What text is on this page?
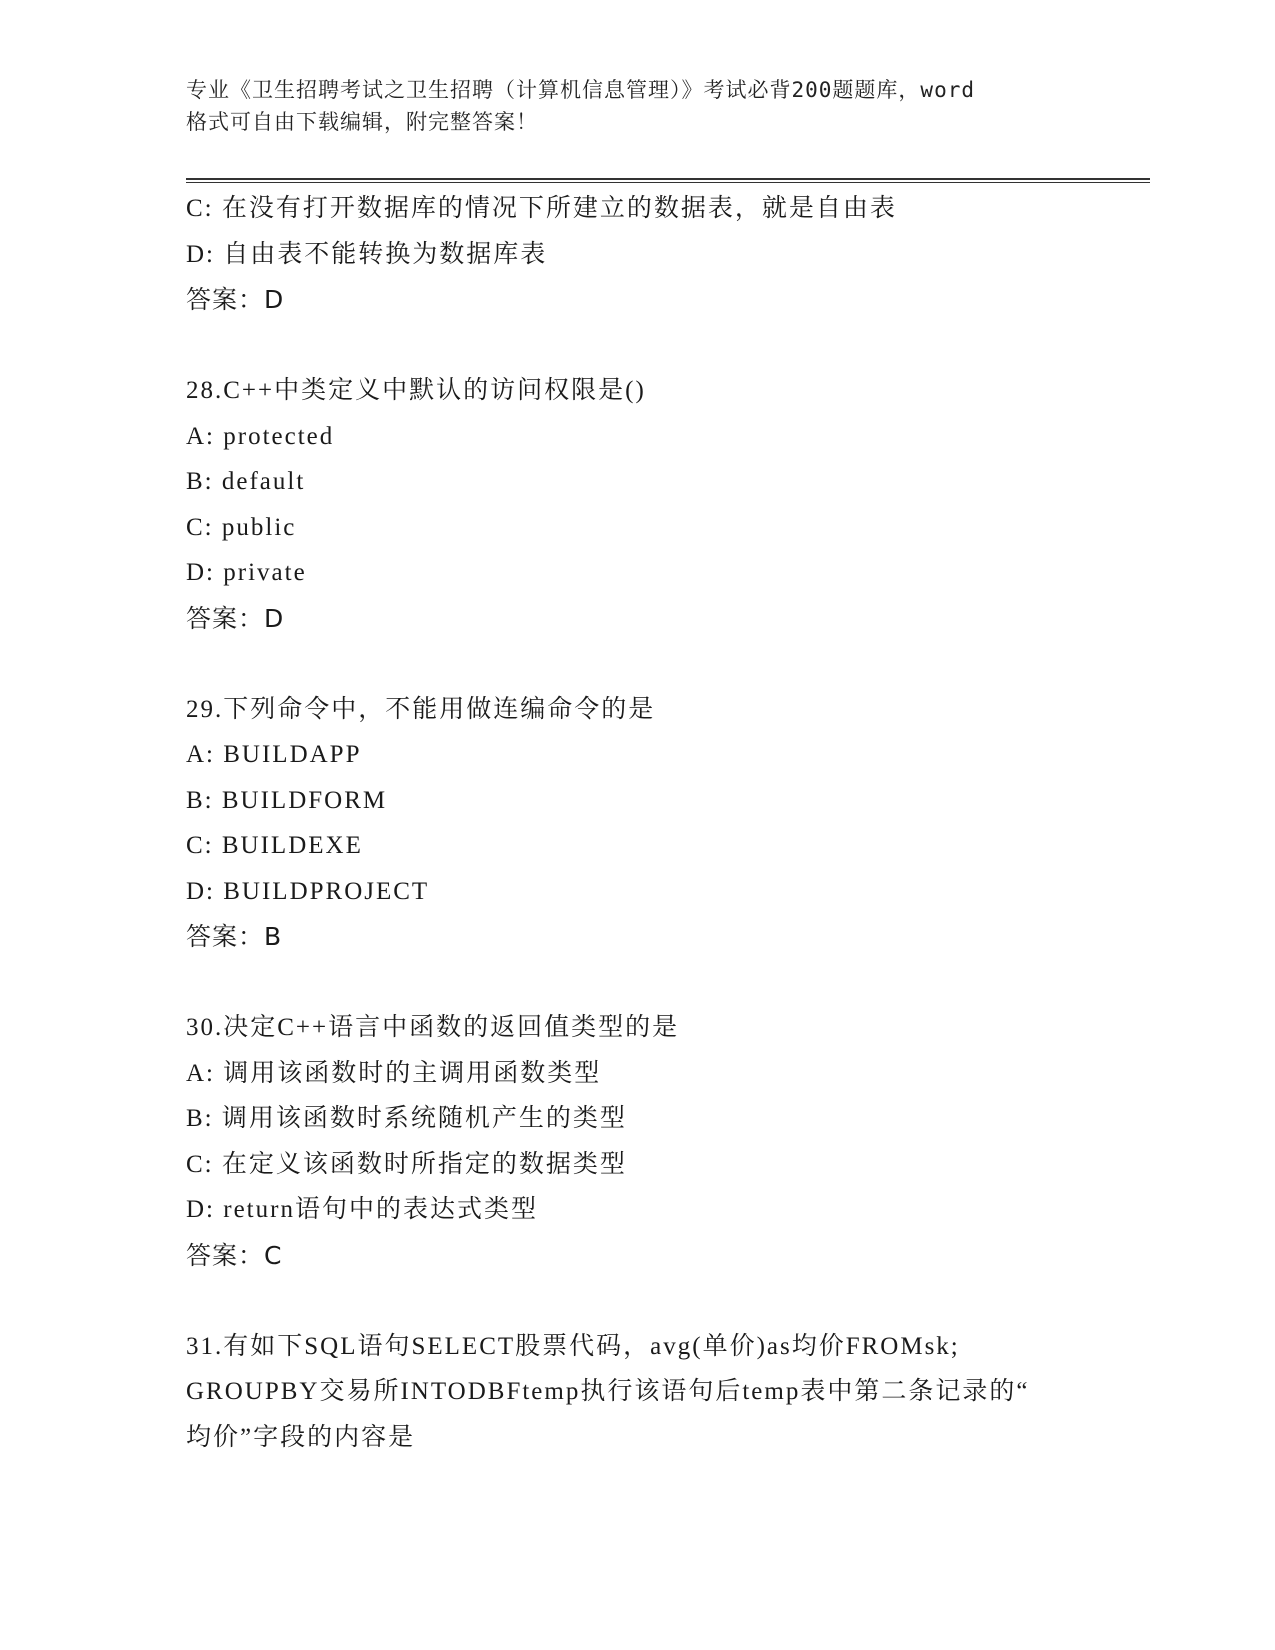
专业《卫生招聘考试之卫生招聘（计算机信息管理）》考试必背200题题库，word
格式可自由下载编辑，附完整答案！
C: 在没有打开数据库的情况下所建立的数据表，就是自由表
D: 自由表不能转换为数据库表
答案：D
28.C++中类定义中默认的访问权限是()
A: protected
B: default
C: public
D: private
答案：D
29.下列命令中，不能用做连编命令的是
A: BUILDAPP
B: BUILDFORM
C: BUILDEXE
D: BUILDPROJECT
答案：B
30.决定C++语言中函数的返回值类型的是
A: 调用该函数时的主调用函数类型
B: 调用该函数时系统随机产生的类型
C: 在定义该函数时所指定的数据类型
D: return语句中的表达式类型
答案：C
31.有如下SQL语句SELECT股票代码，avg(单价)as均价FROMsk;
GROUPBY交易所INTODBFtemp执行该语句后temp表中第二条记录的“
均价”字段的内容是
